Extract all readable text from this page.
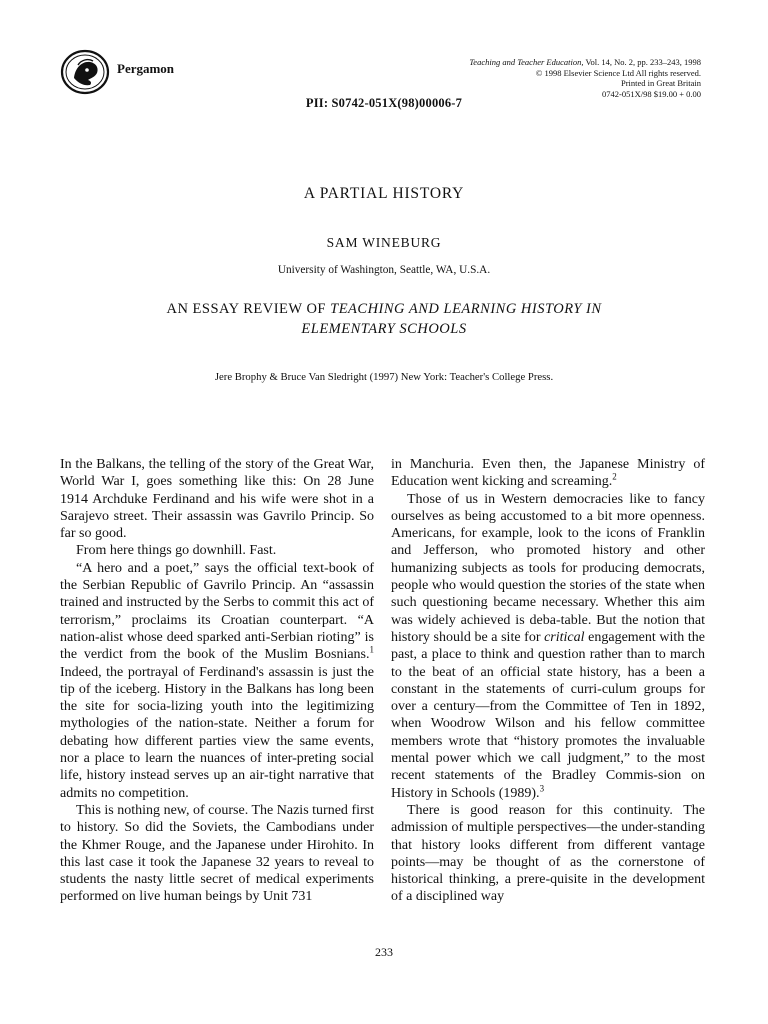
Pergamon	Teaching and Teacher Education, Vol. 14, No. 2, pp. 233–243, 1998
© 1998 Elsevier Science Ltd All rights reserved.
Printed in Great Britain
0742-051X/98 $19.00 + 0.00
PII: S0742-051X(98)00006-7
A PARTIAL HISTORY
SAM WINEBURG
University of Washington, Seattle, WA, U.S.A.
AN ESSAY REVIEW OF TEACHING AND LEARNING HISTORY IN
ELEMENTARY SCHOOLS
Jere Brophy & Bruce Van Sledright (1997) New York: Teacher's College Press.

In the Balkans, the telling of the story of the Great War, World War I, goes something like this: On 28 June 1914 Archduke Ferdinand and his wife were shot in a Sarajevo street. Their assassin was Gavrilo Princip. So far so good.

From here things go downhill. Fast.

“A hero and a poet,” says the official text-book of the Serbian Republic of Gavrilo Princip. An “assassin trained and instructed by the Serbs to commit this act of terrorism,” proclaims its Croatian counterpart. “A nation-alist whose deed sparked anti-Serbian rioting” is the verdict from the book of the Muslim Bosnians.$^1$ Indeed, the portrayal of Ferdinand's assassin is just the tip of the iceberg. History in the Balkans has long been the site for socia-lizing youth into the legitimizing mythologies of the nation-state. Neither a forum for debating how different parties view the same events, nor a place to learn the nuances of inter-preting social life, history instead serves up an air-tight narrative that admits no competition.

This is nothing new, of course. The Nazis turned first to history. So did the Soviets, the Cambodians under the Khmer Rouge, and the Japanese under Hirohito. In this last case it took the Japanese 32 years to reveal to students the nasty little secret of medical experiments performed on live human beings by Unit 731

in Manchuria. Even then, the Japanese Ministry of Education went kicking and screaming.$^2$

Those of us in Western democracies like to fancy ourselves as being accustomed to a bit more openness. Americans, for example, look to the icons of Franklin and Jefferson, who promoted history and other humanizing subjects as tools for producing democrats, people who would question the stories of the state when such questioning became necessary. Whether this aim was widely achieved is deba-table. But the notion that history should be a site for critical engagement with the past, a place to think and question rather than to march to the beat of an official state history, has a been a constant in the statements of curri-culum groups for over a century—from the Committee of Ten in 1892, when Woodrow Wilson and his fellow committee members wrote that “history promotes the invaluable mental power which we call judgment,” to the most recent statements of the Bradley Commis-sion on History in Schools (1989).$^3$

There is good reason for this continuity. The admission of multiple perspectives—the under-standing that history looks different from different vantage points—may be thought of as the cornerstone of historical thinking, a prere-quisite in the development of a disciplined way

233
